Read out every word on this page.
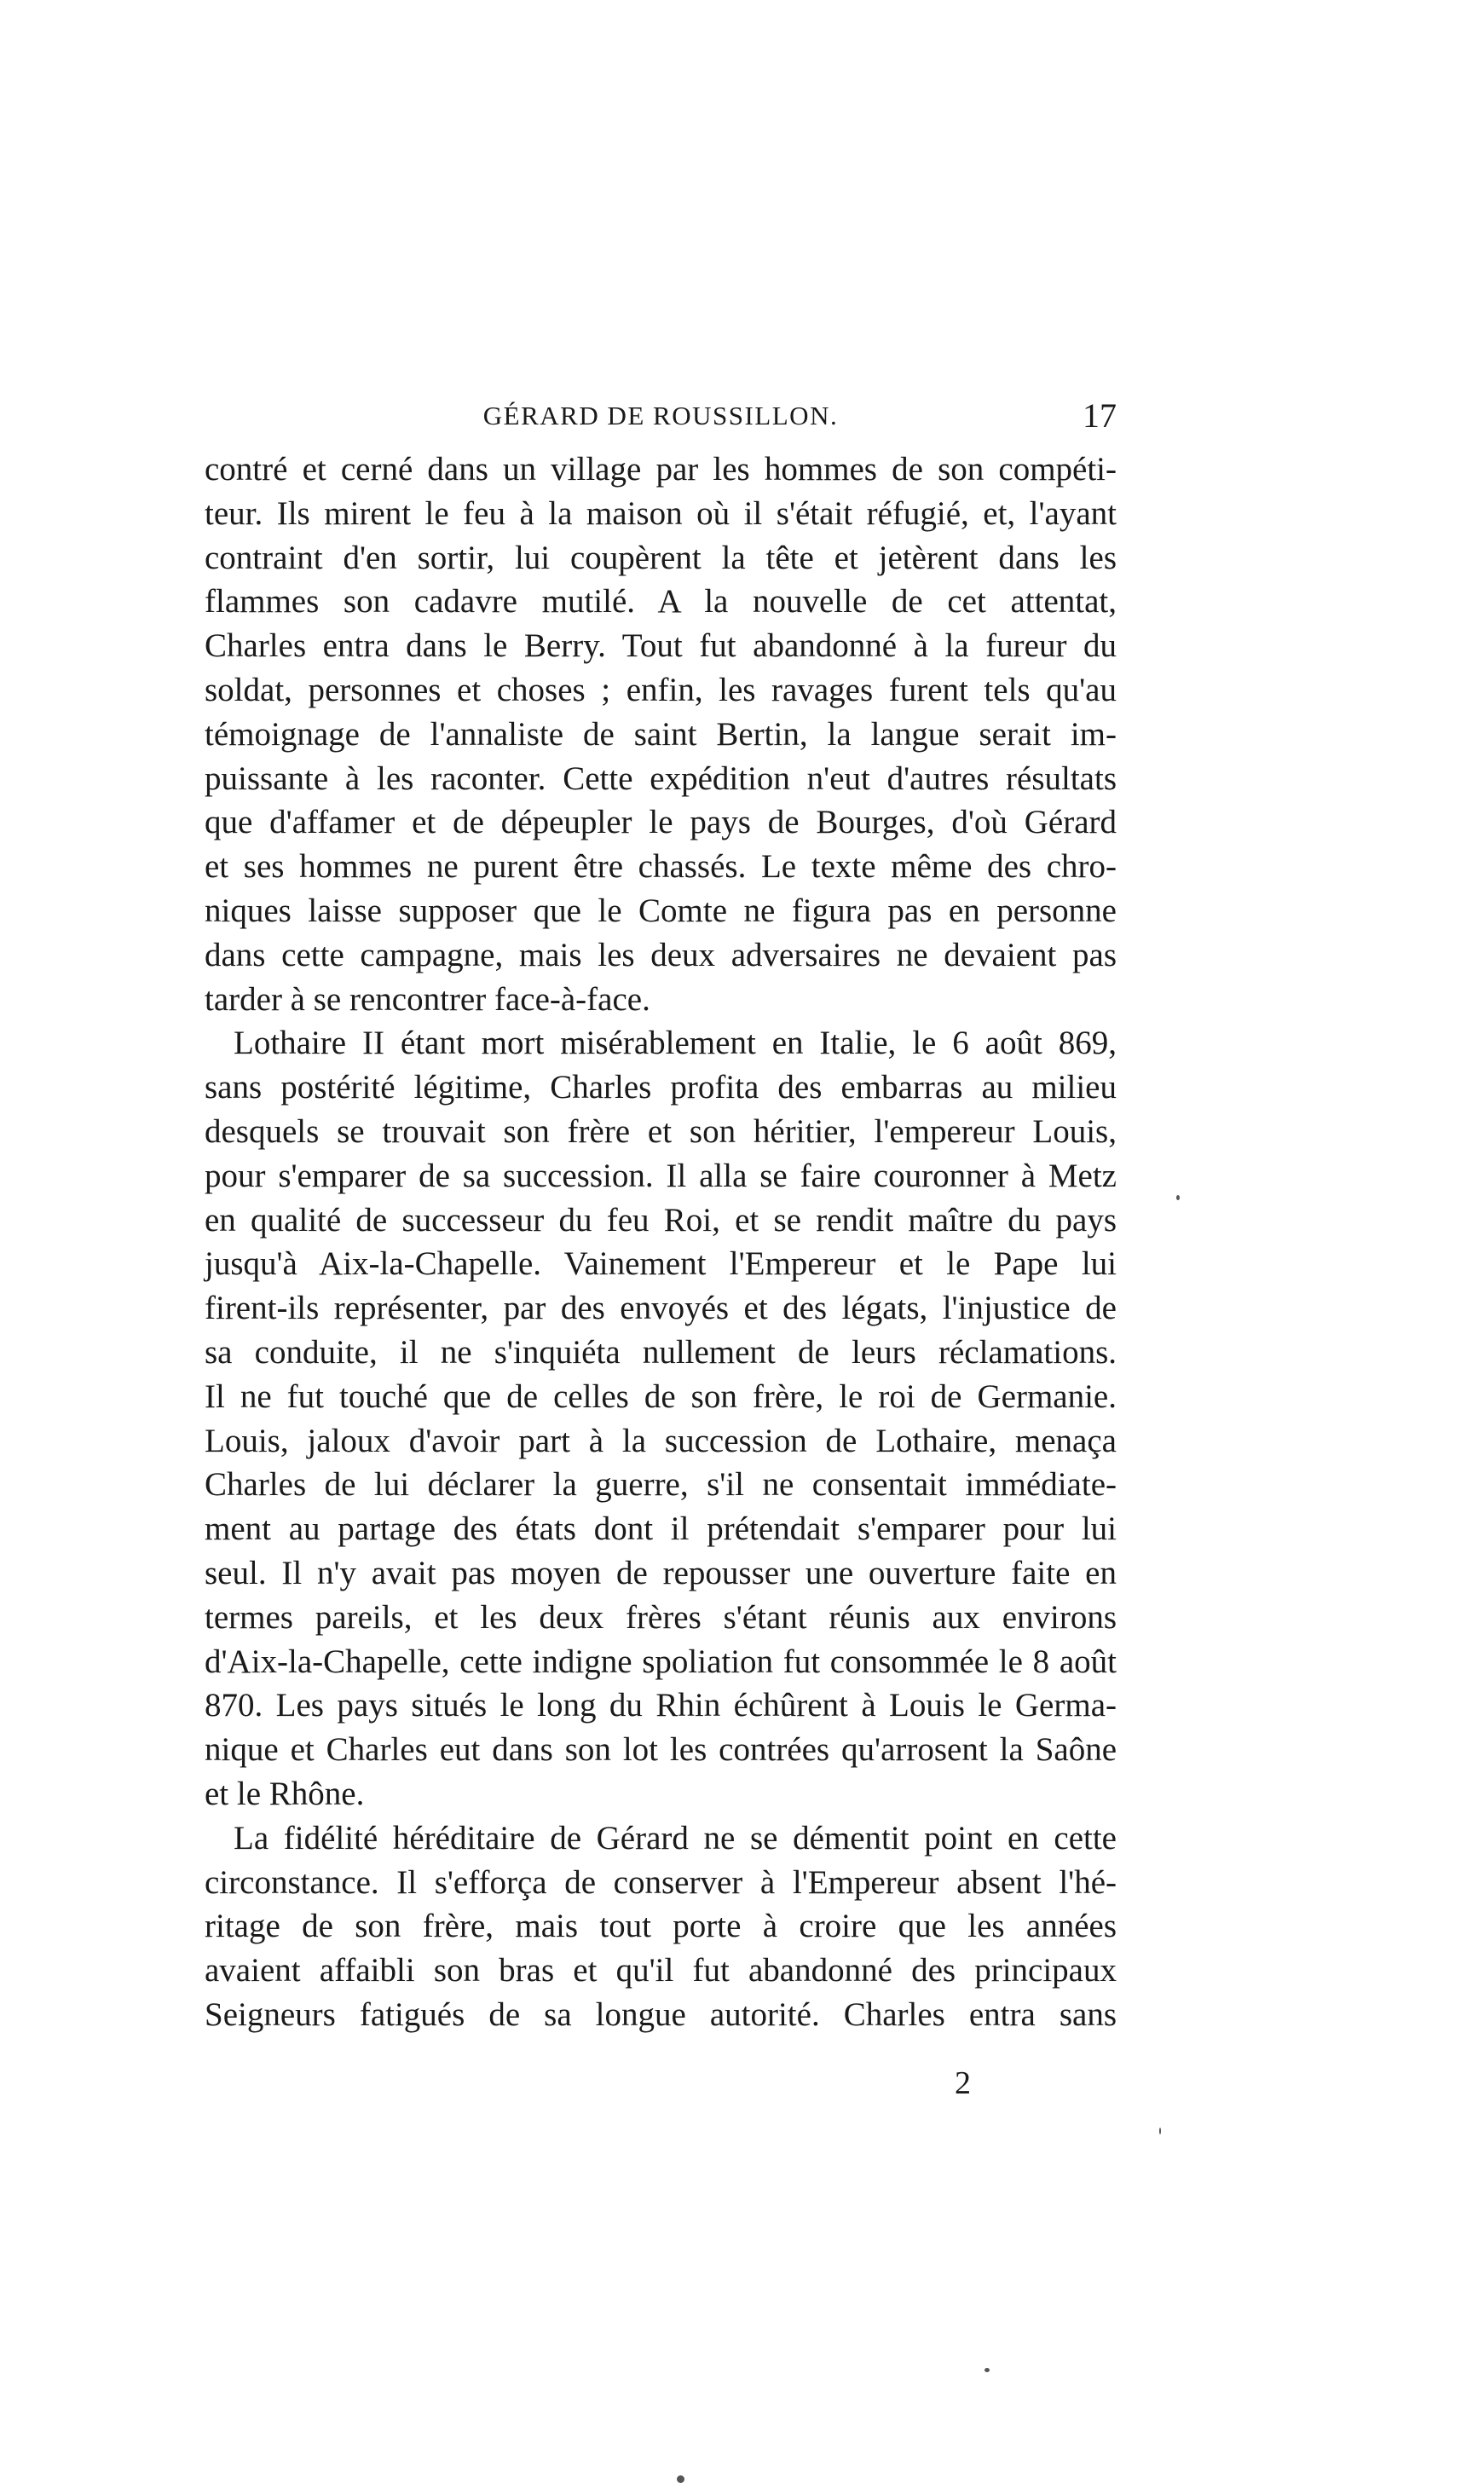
GÉRARD DE ROUSSILLON.	17
contré et cerné dans un village par les hommes de son compéti-
teur. Ils mirent le feu à la maison où il s'était réfugié, et, l'ayant
contraint d'en sortir, lui coupèrent la tête et jetèrent dans les
flammes son cadavre mutilé. A la nouvelle de cet attentat,
Charles entra dans le Berry. Tout fut abandonné à la fureur du
soldat, personnes et choses ; enfin, les ravages furent tels qu'au
témoignage de l'annaliste de saint Bertin, la langue serait im-
puissante à les raconter. Cette expédition n'eut d'autres résultats
que d'affamer et de dépeupler le pays de Bourges, d'où Gérard
et ses hommes ne purent être chassés. Le texte même des chro-
niques laisse supposer que le Comte ne figura pas en personne
dans cette campagne, mais les deux adversaires ne devaient pas
tarder à se rencontrer face-à-face.
Lothaire II étant mort misérablement en Italie, le 6 août 869,
sans postérité légitime, Charles profita des embarras au milieu
desquels se trouvait son frère et son héritier, l'empereur Louis,
pour s'emparer de sa succession. Il alla se faire couronner à Metz
en qualité de successeur du feu Roi, et se rendit maître du pays
jusqu'à Aix-la-Chapelle. Vainement l'Empereur et le Pape lui
firent-ils représenter, par des envoyés et des légats, l'injustice de
sa conduite, il ne s'inquiéta nullement de leurs réclamations.
Il ne fut touché que de celles de son frère, le roi de Germanie.
Louis, jaloux d'avoir part à la succession de Lothaire, menaça
Charles de lui déclarer la guerre, s'il ne consentait immédiate-
ment au partage des états dont il prétendait s'emparer pour lui
seul. Il n'y avait pas moyen de repousser une ouverture faite en
termes pareils, et les deux frères s'étant réunis aux environs
d'Aix-la-Chapelle, cette indigne spoliation fut consommée le 8 août
870. Les pays situés le long du Rhin échûrent à Louis le Germa-
nique et Charles eut dans son lot les contrées qu'arrosent la Saône
et le Rhône.
La fidélité héréditaire de Gérard ne se démentit point en cette
circonstance. Il s'efforça de conserver à l'Empereur absent l'hé-
ritage de son frère, mais tout porte à croire que les années
avaient affaibli son bras et qu'il fut abandonné des principaux
Seigneurs fatigués de sa longue autorité. Charles entra sans
2
